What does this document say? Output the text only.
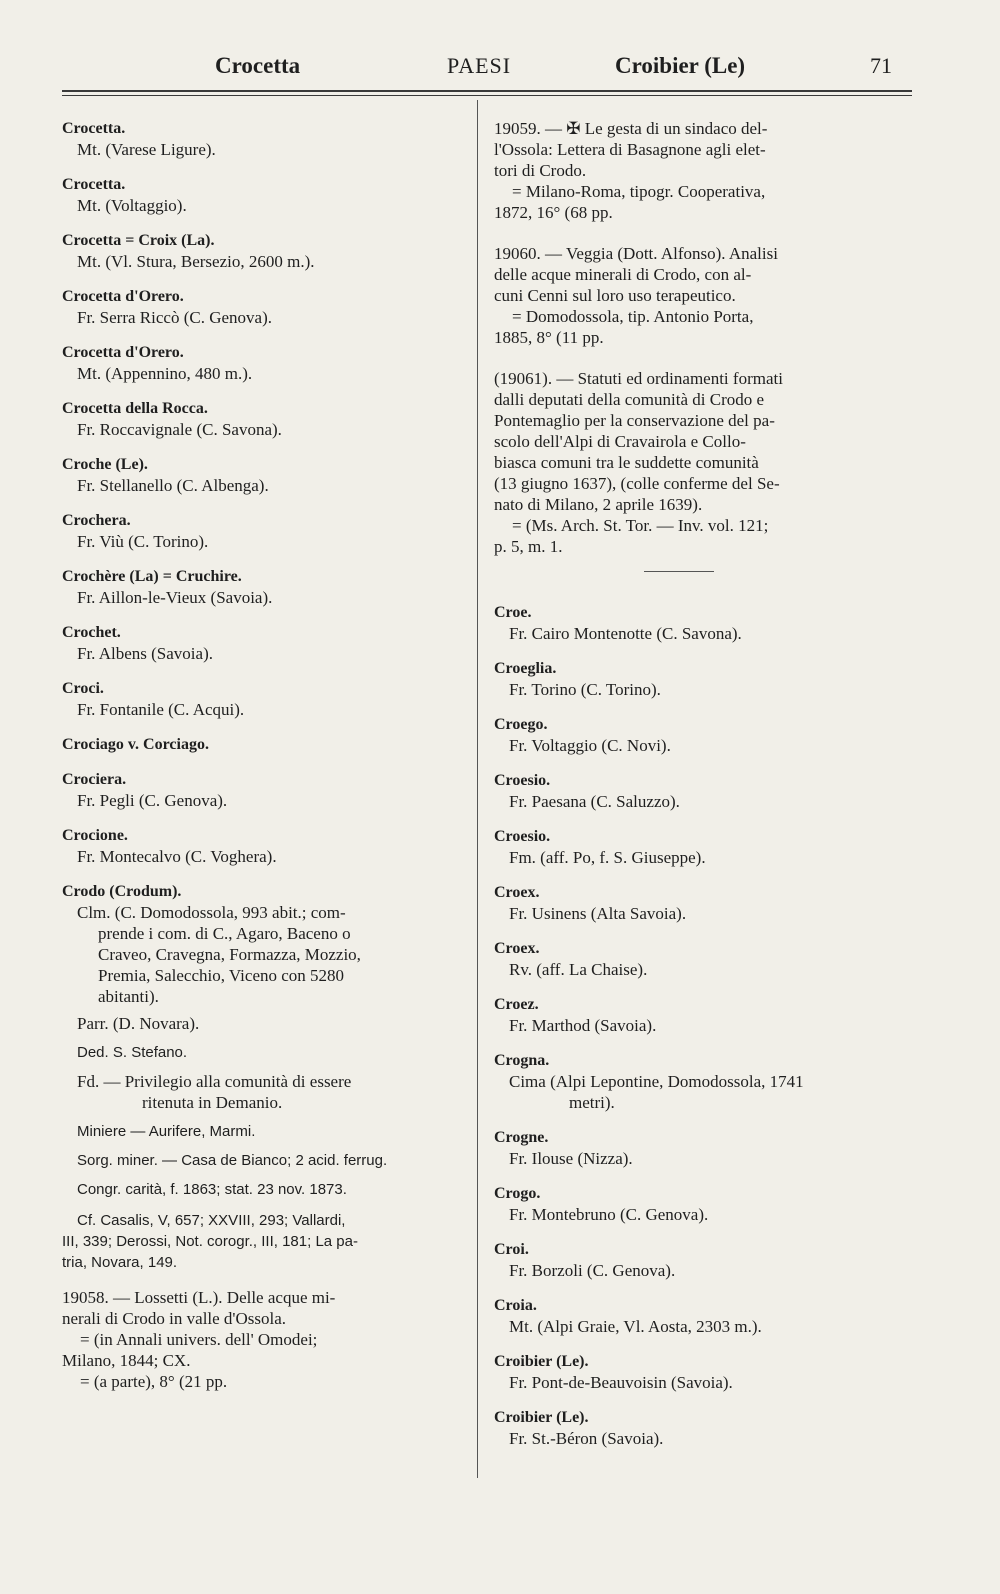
Crocetta	PAESI	Croibier (Le)	71
Crocetta.
Mt. (Varese Ligure).
Crocetta.
Mt. (Voltaggio).
Crocetta = Croix (La).
Mt. (Vl. Stura, Bersezio, 2600 m.).
Crocetta d'Orero.
Fr. Serra Riccò (C. Genova).
Crocetta d'Orero.
Mt. (Appennino, 480 m.).
Crocetta della Rocca.
Fr. Roccavignale (C. Savona).
Croche (Le).
Fr. Stellanello (C. Albenga).
Crochera.
Fr. Viù (C. Torino).
Crochère (La) = Cruchire.
Fr. Aillon-le-Vieux (Savoia).
Crochet.
Fr. Albens (Savoia).
Croci.
Fr. Fontanile (C. Acqui).
Crociago v. Corciago.
Crociera.
Fr. Pegli (C. Genova).
Crocione.
Fr. Montecalvo (C. Voghera).
Crodo (Crodum).
Clm. (C. Domodossola, 993 abit.; com-
prende i com. di C., Agaro, Baceno o
Craveo, Cravegna, Formazza, Mozzio,
Premia, Salecchio, Viceno con 5280
abitanti).
Parr. (D. Novara).
Ded. S. Stefano.
Fd. — Privilegio alla comunità di essere
ritenuta in Demanio.
Miniere — Aurifere, Marmi.
Sorg. miner. — Casa de Bianco; 2 acid. ferrug.
Congr. carità, f. 1863; stat. 23 nov. 1873.
Cf. Casalis, V, 657; XXVIII, 293; Vallardi,
III, 339; Derossi, Not. corogr., III, 181; La pa-
tria, Novara, 149.
19058. — Lossetti (L.). Delle acque mi-
nerali di Crodo in valle d'Ossola.
= (in Annali univers. dell' Omodei;
Milano, 1844; CX.
= (a parte), 8° (21 pp.
19059. — ✠ Le gesta di un sindaco del-
l'Ossola: Lettera di Basagnone agli elet-
tori di Crodo.
= Milano-Roma, tipogr. Cooperativa,
1872, 16° (68 pp.
19060. — Veggia (Dott. Alfonso). Analisi
delle acque minerali di Crodo, con al-
cuni Cenni sul loro uso terapeutico.
= Domodossola, tip. Antonio Porta,
1885, 8° (11 pp.
(19061). — Statuti ed ordinamenti formati
dalli deputati della comunità di Crodo e
Pontemaglio per la conservazione del pa-
scolo dell'Alpi di Cravairola e Collo-
biasca comuni tra le suddette comunità
(13 giugno 1637), (colle conferme del Se-
nato di Milano, 2 aprile 1639).
= (Ms. Arch. St. Tor. — Inv. vol. 121;
p. 5, m. 1.
Croe.
Fr. Cairo Montenotte (C. Savona).
Croeglia.
Fr. Torino (C. Torino).
Croego.
Fr. Voltaggio (C. Novi).
Croesio.
Fr. Paesana (C. Saluzzo).
Croesio.
Fm. (aff. Po, f. S. Giuseppe).
Croex.
Fr. Usinens (Alta Savoia).
Croex.
Rv. (aff. La Chaise).
Croez.
Fr. Marthod (Savoia).
Crogna.
Cima (Alpi Lepontine, Domodossola, 1741
metri).
Crogne.
Fr. Ilouse (Nizza).
Crogo.
Fr. Montebruno (C. Genova).
Croi.
Fr. Borzoli (C. Genova).
Croia.
Mt. (Alpi Graie, Vl. Aosta, 2303 m.).
Croibier (Le).
Fr. Pont-de-Beauvoisin (Savoia).
Croibier (Le).
Fr. St.-Béron (Savoia).
